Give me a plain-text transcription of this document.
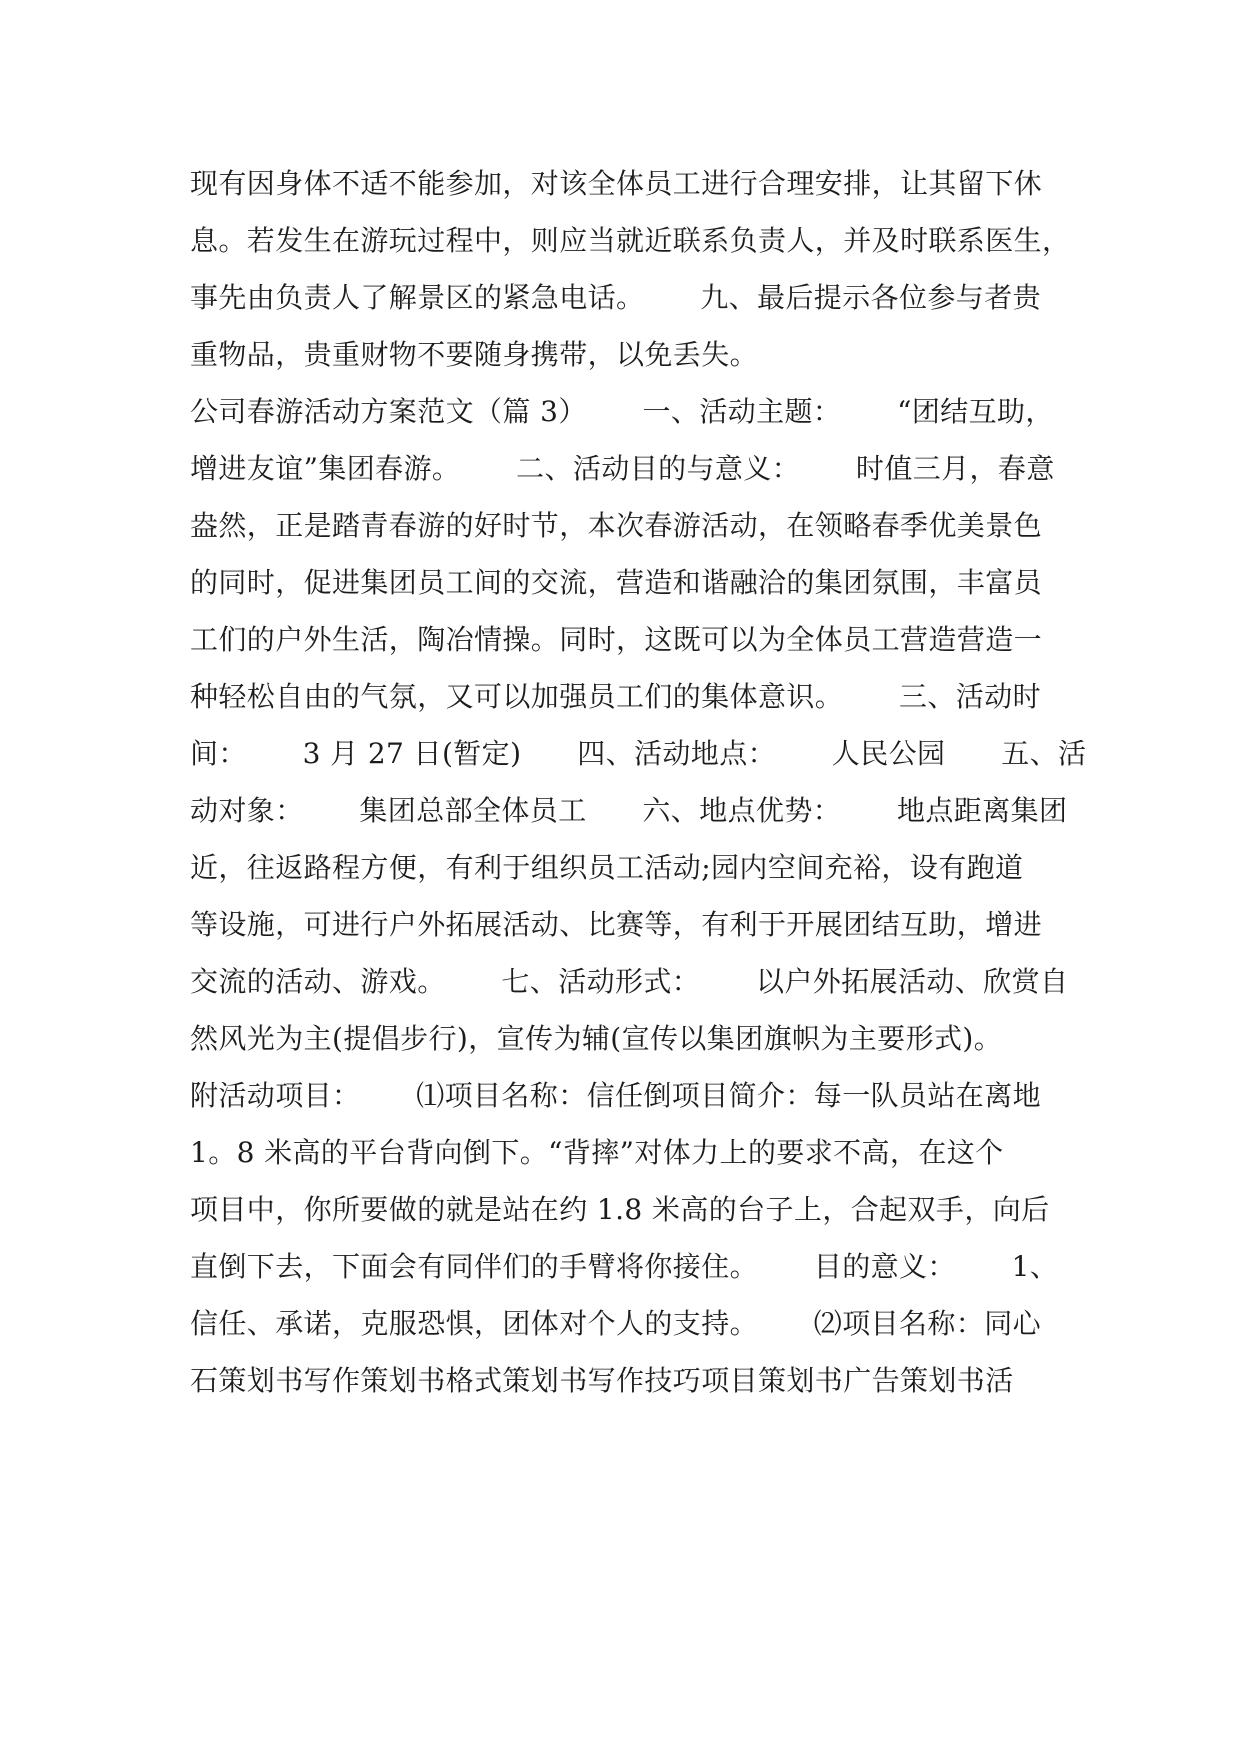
现有因身体不适不能参加，对该全体员工进行合理安排，让其留下休
息。若发生在游玩过程中，则应当就近联系负责人，并及时联系医生，
事先由负责人了解景区的紧急电话。      九、最后提示各位参与者贵
重物品，贵重财物不要随身携带，以免丢失。
公司春游活动方案范文（篇 3）      一、活动主题：      “团结互助，
增进友谊”集团春游。      二、活动目的与意义：      时值三月，春意
盎然，正是踏青春游的好时节，本次春游活动，在领略春季优美景色
的同时，促进集团员工间的交流，营造和谐融洽的集团氛围，丰富员
工们的户外生活，陶冶情操。同时，这既可以为全体员工营造营造一
种轻松自由的气氛，又可以加强员工们的集体意识。      三、活动时
间：      3 月 27 日(暂定)      四、活动地点：      人民公园      五、活
动对象：      集团总部全体员工      六、地点优势：      地点距离集团
近，往返路程方便，有利于组织员工活动;园内空间充裕，设有跑道
等设施，可进行户外拓展活动、比赛等，有利于开展团结互助，增进
交流的活动、游戏。      七、活动形式：      以户外拓展活动、欣赏自
然风光为主(提倡步行)，宣传为辅(宣传以集团旗帜为主要形式)。
附活动项目：      ⑴项目名称：信任倒项目简介：每一队员站在离地
1。8 米高的平台背向倒下。“背摔”对体力上的要求不高，在这个
项目中，你所要做的就是站在约 1.8 米高的台子上，合起双手，向后
直倒下去，下面会有同伴们的手臂将你接住。      目的意义：      1、
信任、承诺，克服恐惧，团体对个人的支持。      ⑵项目名称：同心
石策划书写作策划书格式策划书写作技巧项目策划书广告策划书活
